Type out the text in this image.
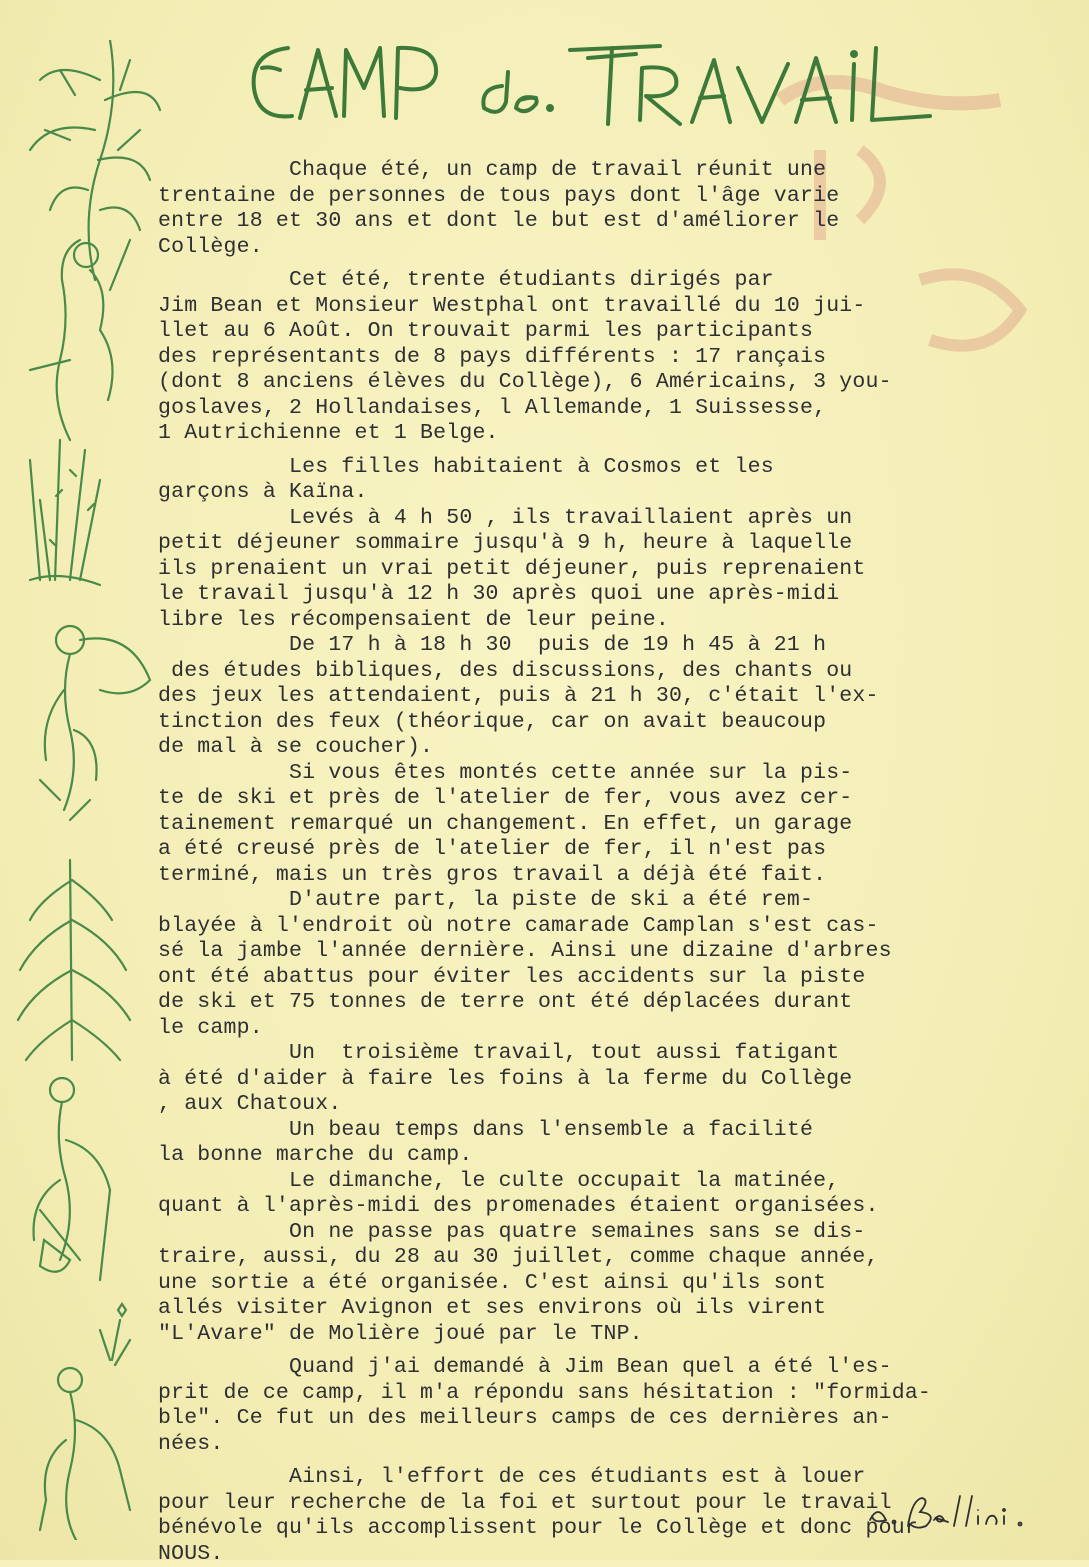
Chaque été, un camp de travail réunit une
trentaine de personnes de tous pays dont l'âge varie
entre 18 et 30 ans et dont le but est d'améliorer le
Collège.
Cet été, trente étudiants dirigés par
Jim Bean et Monsieur Westphal ont travaillé du 10 jui-
llet au 6 Août. On trouvait parmi les participants
des représentants de 8 pays différents : 17 rançais
(dont 8 anciens élèves du Collège), 6 Américains, 3 you-
goslaves, 2 Hollandaises, l Allemande, 1 Suissesse,
1 Autrichienne et 1 Belge.
Les filles habitaient à Cosmos et les
garçons à Kaïna.
Levés à 4 h 50 , ils travaillaient après un
petit déjeuner sommaire jusqu'à 9 h, heure à laquelle
ils prenaient un vrai petit déjeuner, puis reprenaient
le travail jusqu'à 12 h 30 après quoi une après-midi
libre les récompensaient de leur peine.
De 17 h à 18 h 30  puis de 19 h 45 à 21 h
des études bibliques, des discussions, des chants ou
des jeux les attendaient, puis à 21 h 30, c'était l'ex-
tinction des feux (théorique, car on avait beaucoup
de mal à se coucher).
Si vous êtes montés cette année sur la pis-
te de ski et près de l'atelier de fer, vous avez cer-
tainement remarqué un changement. En effet, un garage
a été creusé près de l'atelier de fer, il n'est pas
terminé, mais un très gros travail a déjà été fait.
D'autre part, la piste de ski a été rem-
blayée à l'endroit où notre camarade Camplan s'est cas-
sé la jambe l'année dernière. Ainsi une dizaine d'arbres
ont été abattus pour éviter les accidents sur la piste
de ski et 75 tonnes de terre ont été déplacées durant
le camp.
Un  troisième travail, tout aussi fatigant
à été d'aider à faire les foins à la ferme du Collège
, aux Chatoux.
Un beau temps dans l'ensemble a facilité
la bonne marche du camp.
Le dimanche, le culte occupait la matinée,
quant à l'après-midi des promenades étaient organisées.
On ne passe pas quatre semaines sans se dis-
traire, aussi, du 28 au 30 juillet, comme chaque année,
une sortie a été organisée. C'est ainsi qu'ils sont
allés visiter Avignon et ses environs où ils virent
"L'Avare" de Molière joué par le TNP.
Quand j'ai demandé à Jim Bean quel a été l'es-
prit de ce camp, il m'a répondu sans hésitation : "formida-
ble". Ce fut un des meilleurs camps de ces dernières an-
nées.
Ainsi, l'effort de ces étudiants est à louer
pour leur recherche de la foi et surtout pour le travail
bénévole qu'ils accomplissent pour le Collège et donc pour
NOUS.
